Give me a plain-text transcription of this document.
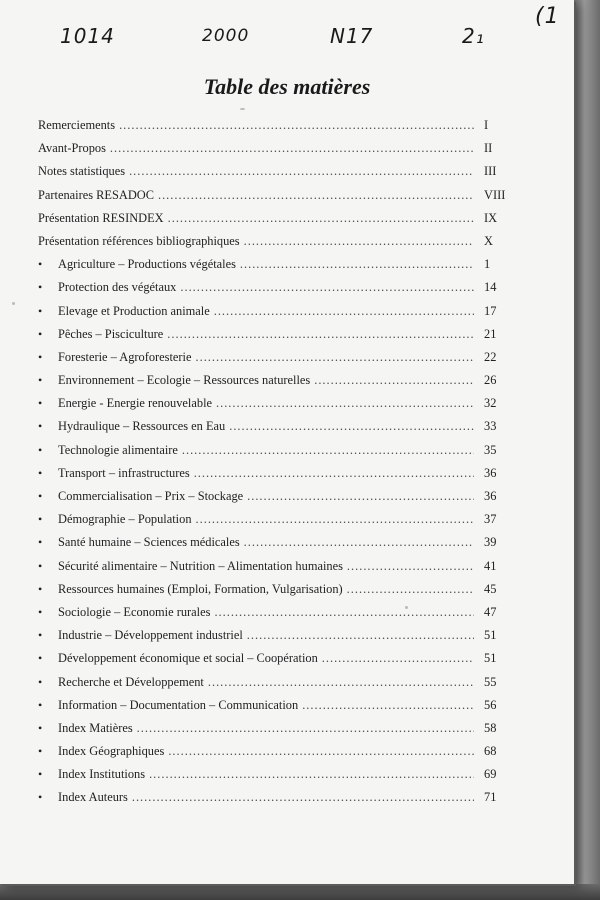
1014	2000	N17	2₁
(1
Table des matières
Remerciements .....	I
Avant-Propos .....	II
Notes statistiques .....	III
Partenaires RESADOC .....	VIII
Présentation RESINDEX .....	IX
Présentation références bibliographiques .....	X
•	Agriculture – Productions végétales .....	1
•	Protection des végétaux .....	14
•	Elevage et Production animale .....	17
•	Pêches – Pisciculture .....	21
•	Foresterie – Agroforesterie .....	22
•	Environnement – Ecologie – Ressources naturelles .....	26
•	Energie - Energie renouvelable .....	32
•	Hydraulique – Ressources en Eau .....	33
•	Technologie alimentaire .....	35
•	Transport – infrastructures .....	36
•	Commercialisation – Prix – Stockage .....	36
•	Démographie – Population .....	37
•	Santé humaine – Sciences médicales .....	39
•	Sécurité alimentaire – Nutrition – Alimentation humaines .....	41
•	Ressources humaines (Emploi, Formation, Vulgarisation) .....	45
•	Sociologie – Economie rurales .....	47
•	Industrie – Développement industriel .....	51
•	Développement économique et social – Coopération .....	51
•	Recherche et Développement .....	55
•	Information – Documentation – Communication .....	56
•	Index Matières .....	58
•	Index Géographiques .....	68
•	Index Institutions .....	69
•	Index Auteurs .....	71
